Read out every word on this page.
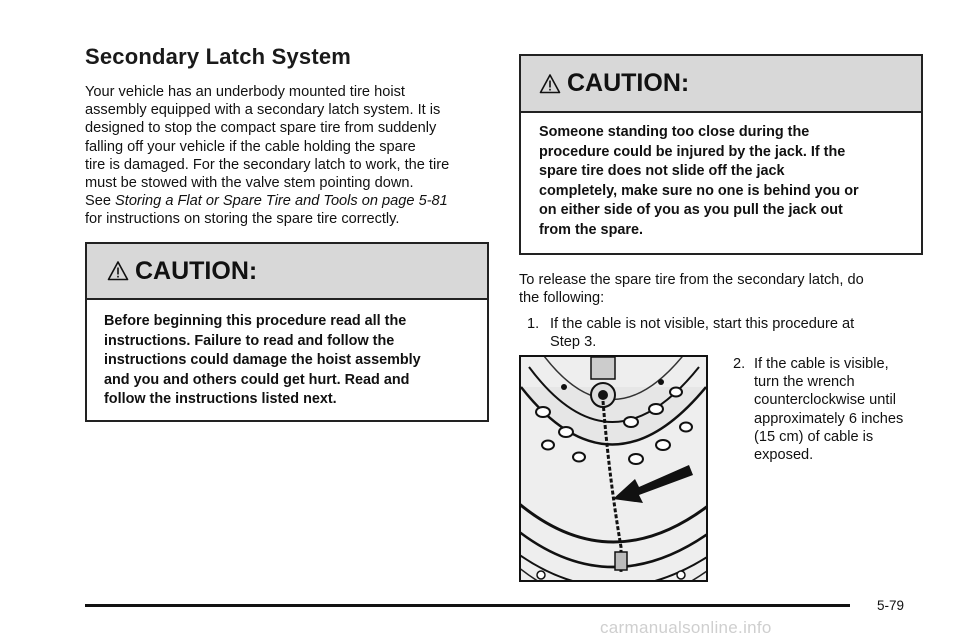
Secondary Latch System

Your vehicle has an underbody mounted tire hoist

assembly equipped with a secondary latch system. It is

designed to stop the compact spare tire from suddenly

falling off your vehicle if the cable holding the spare

tire is damaged. For the secondary latch to work, the tire

must be stowed with the valve stem pointing down.

See Storing a Flat or Spare Tire and Tools on page 5-81

for instructions on storing the spare tire correctly.

CAUTION:
Before beginning this procedure read all the
instructions. Failure to read and follow the
instructions could damage the hoist assembly
and you and others could get hurt. Read and
follow the instructions listed next.
CAUTION:
Someone standing too close during the
procedure could be injured by the jack. If the
spare tire does not slide off the jack
completely, make sure no one is behind you or
on either side of you as you pull the jack out
from the spare.
To release the spare tire from the secondary latch, do
the following:
1. If the cable is not visible, start this procedure at
Step 3.
2. If the cable is visible,
turn the wrench
counterclockwise until
approximately 6 inches
(15 cm) of cable is
exposed.
5-79
carmanualsonline.info
